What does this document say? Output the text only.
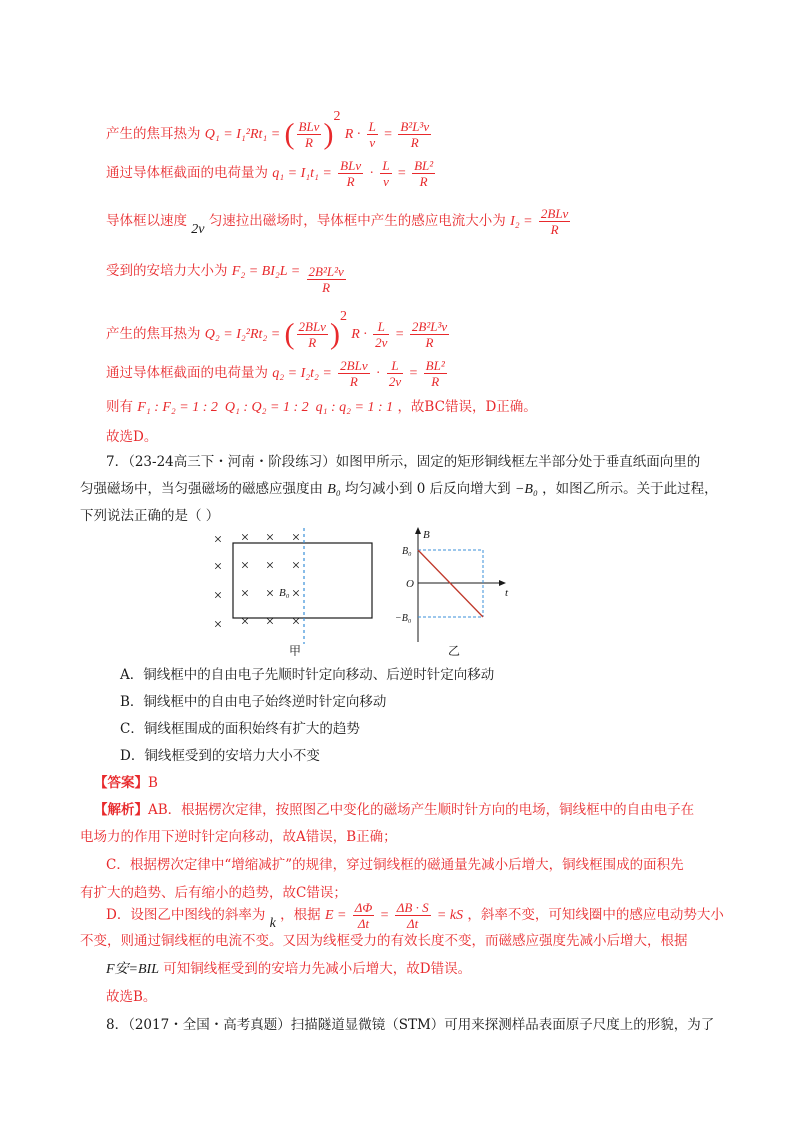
产生的焦耳热为 Q₁ = I₁²Rt₁ = ( $\frac{\text{BLv}}{R} )^2$ $R \cdot \frac{L}{v} = \frac{\text{B²L³v}}{R}$
通过导体框截面的电荷量为 $q_1 = I_1t_1 = \frac{\text{BLv}}{R} \cdot \frac{L}{v} = \frac{\text{BL²}}{R}$
导体框以速度 2v 匀速拉出磁场时，导体框中产生的感应电流大小为 $I_2 = \frac{\text{2BLv}}{R}$
受到的安培力大小为 $F_2 = BI_2L = \frac{\text{2B²L²v}}{R}$
产生的焦耳热为 Q₂ = I₂²Rt₂ = ( $\frac{\text{2BLv}}{R} )^2$ $R \cdot \frac{L}{2v} = \frac{\text{2B²L³v}}{R}$
通过导体框截面的电荷量为 $q_2 = I_2t_2 = \frac{\text{2BLv}}{R} \cdot \frac{L}{2v} = \frac{\text{BL²}}{R}$
则有 F₁ : F₂ = 1 : 2  Q₁ : Q₂ = 1 : 2  q₁ : q₂ = 1 : 1 ，故BC错误，D正确。
故选D。
7．（23-24高三下・河南・阶段练习）如图甲所示，固定的矩形铜线框左半部分处于垂直纸面向里的
匀强磁场中，当匀强磁场的磁感应强度由 B₀ 均匀减小到 0 后反向增大到 −B₀ ，如图乙所示。关于此过程，
下列说法正确的是（ ）
× × × ×
× × × ×
× × × ×
× × × ×
B₀
甲
B
t
O
B₀
−B₀
乙
A．铜线框中的自由电子先顺时针定向移动、后逆时针定向移动
B．铜线框中的自由电子始终逆时针定向移动
C．铜线框围成的面积始终有扩大的趋势
D．铜线框受到的安培力大小不变
【答案】B
【解析】AB．根据楞次定律，按照图乙中变化的磁场产生顺时针方向的电场，铜线框中的自由电子在
电场力的作用下逆时针定向移动，故A错误，B正确；
C．根据楞次定律中“增缩减扩”的规律，穿过铜线框的磁通量先减小后增大，铜线框围成的面积先
有扩大的趋势、后有缩小的趋势，故C错误；
D．设图乙中图线的斜率为 k ，根据 $E = \frac{\Delta\Phi}{\Delta t} = \frac{\Delta B \cdot S}{\Delta t}$ = kS ，斜率不变，可知线圈中的感应电动势大小
不变，则通过铜线框的电流不变。又因为线框受力的有效长度不变，而磁感应强度先减小后增大，根据
F安=BIL 可知铜线框受到的安培力先减小后增大，故D错误。
故选B。
8．（2017・全国・高考真题）扫描隧道显微镜（STM）可用来探测样品表面原子尺度上的形貌，为了
